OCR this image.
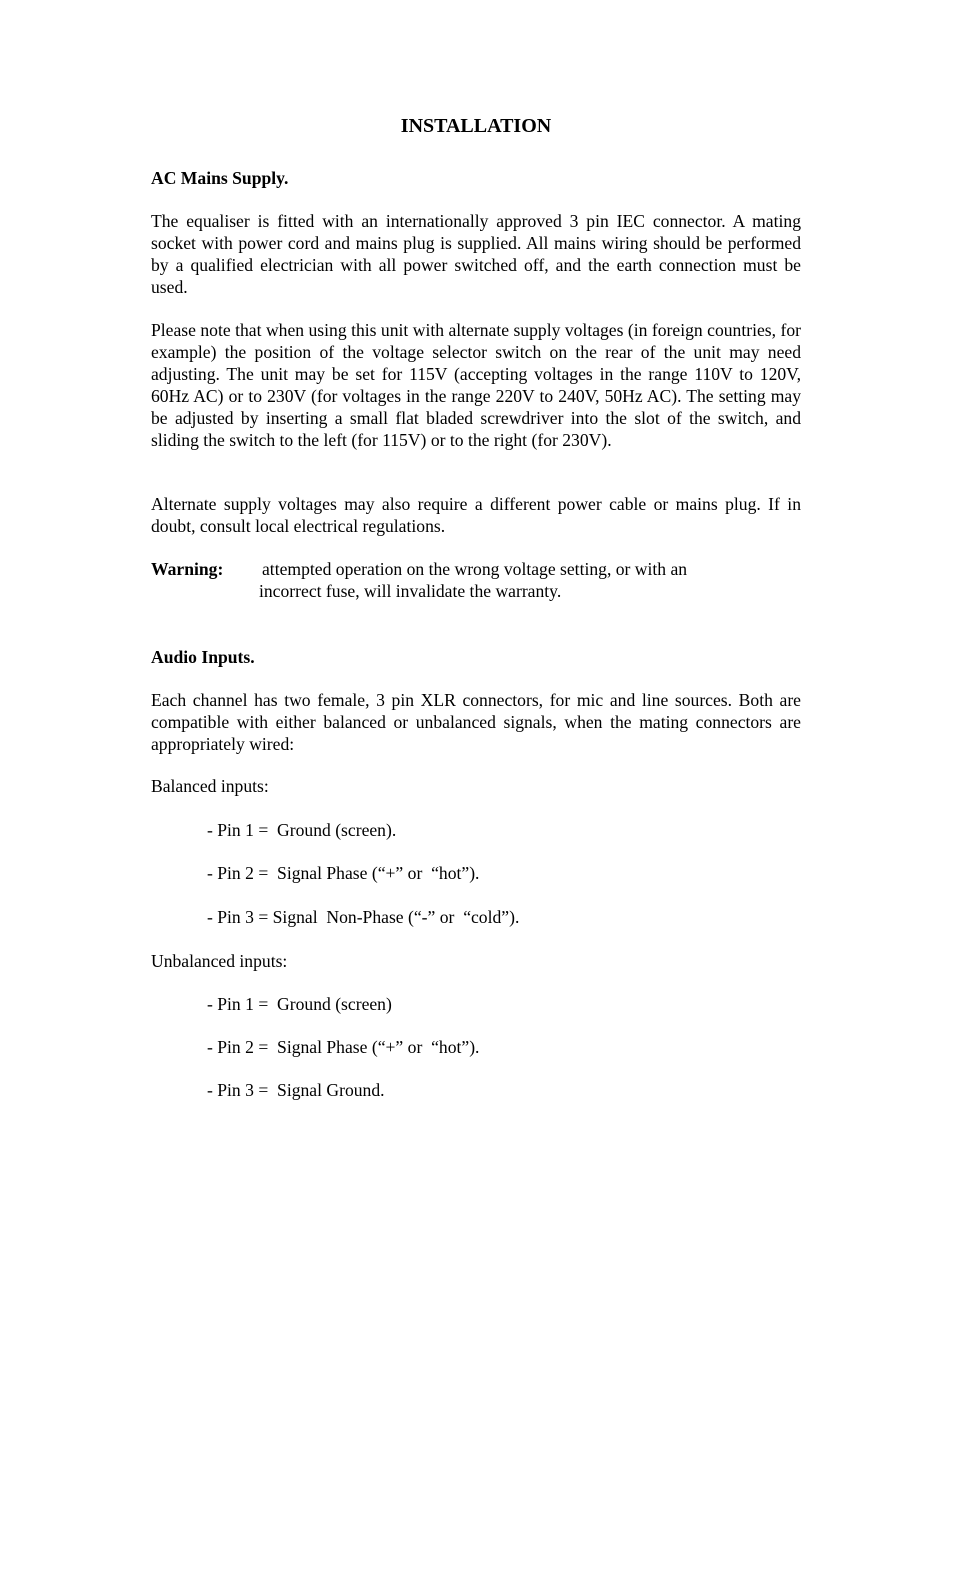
INSTALLATION
AC Mains Supply.

The equaliser is fitted with an internationally approved 3 pin IEC connector. A mating socket with power cord and mains plug is supplied. All mains wiring should be performed by a qualified electrician with all power switched off, and the earth connection must be used.

Please note that when using this unit with alternate supply voltages (in foreign countries, for example) the position of the voltage selector switch on the rear of the unit may need adjusting. The unit may be set for 115V (accepting voltages in the range 110V to 120V, 60Hz AC) or to 230V (for voltages in the range 220V to 240V, 50Hz AC). The setting may be adjusted by inserting a small flat bladed screwdriver into the slot of the switch, and sliding the switch to the left (for 115V) or to the right (for 230V).

Alternate supply voltages may also require a different power cable or mains plug. If in doubt, consult local electrical regulations.

Warning: attempted operation on the wrong voltage setting, or with an
incorrect fuse, will invalidate the warranty.

Audio Inputs.

Each channel has two female, 3 pin XLR connectors, for mic and line sources. Both are compatible with either balanced or unbalanced signals, when the mating connectors are appropriately wired:

Balanced inputs:

- Pin 1 =  Ground (screen).

- Pin 2 =  Signal Phase (“+” or  “hot”).

- Pin 3 = Signal  Non-Phase (“-” or  “cold”).

Unbalanced inputs:

- Pin 1 =  Ground (screen)

- Pin 2 =  Signal Phase (“+” or  “hot”).

- Pin 3 =  Signal Ground.
